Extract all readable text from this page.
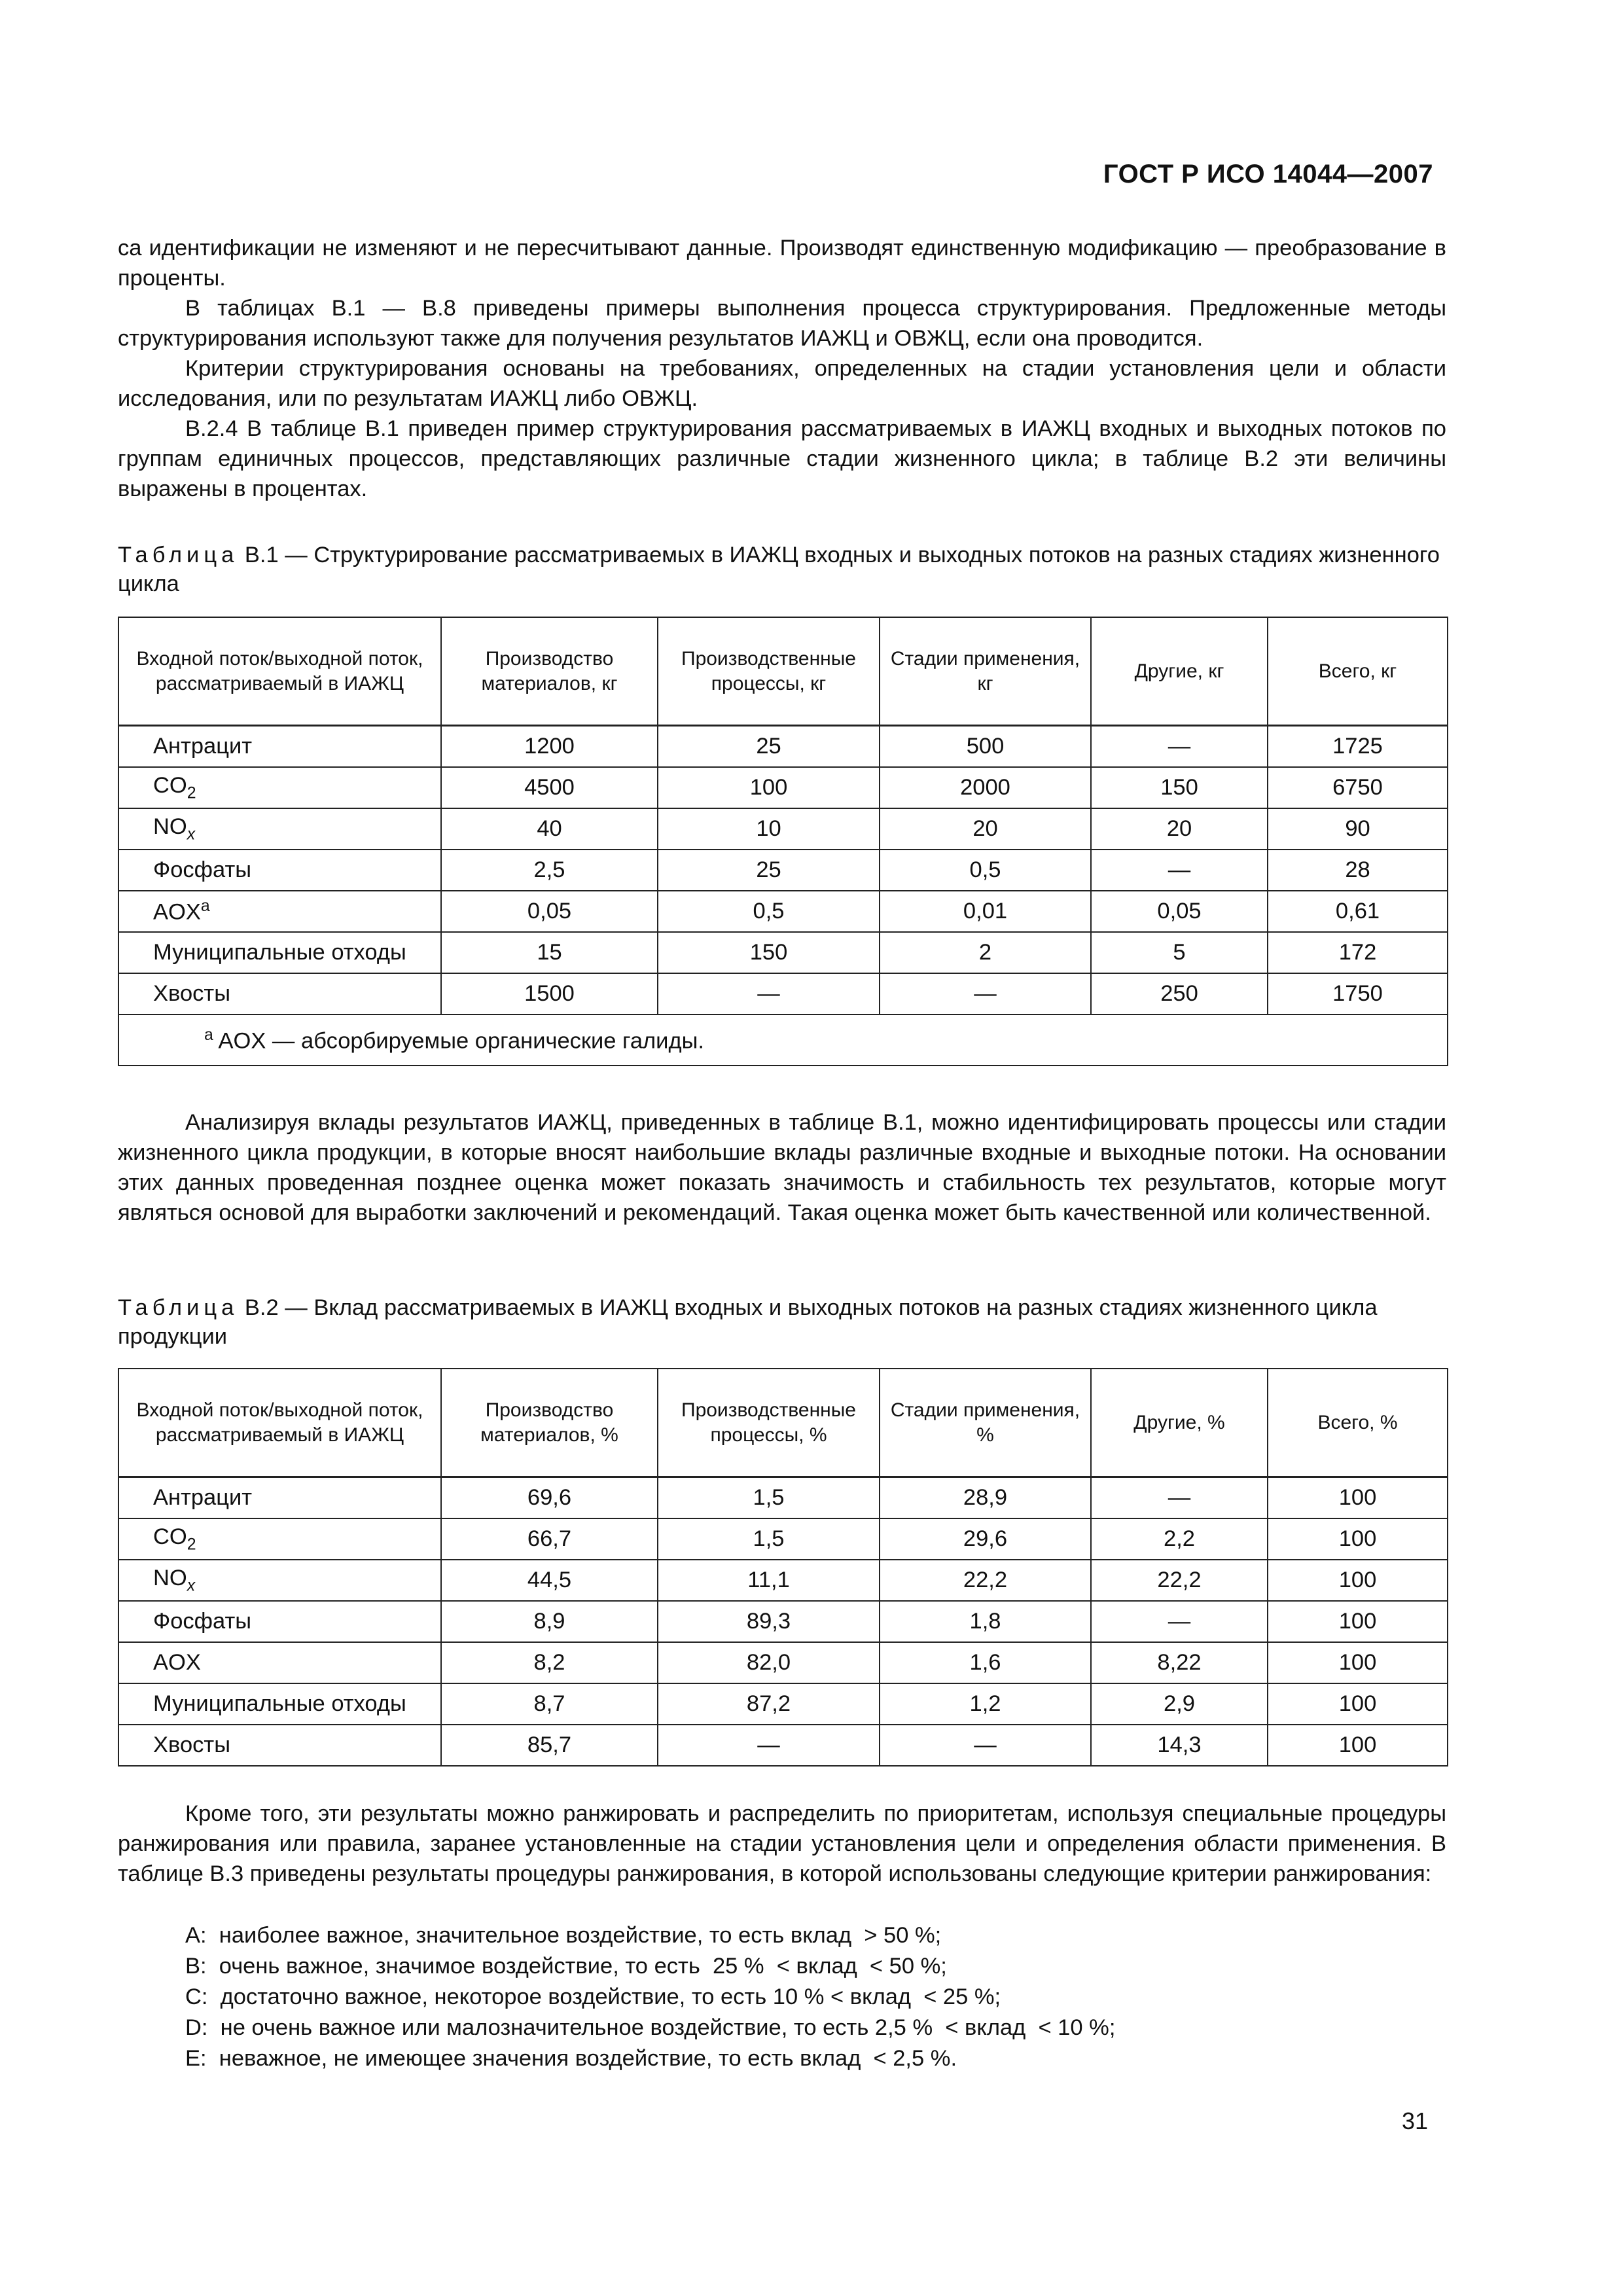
ГОСТ Р ИСО 14044—2007

са идентификации не изменяют и не пересчитывают данные. Производят единственную модификацию — преобразование в проценты.

В таблицах В.1 — В.8 приведены примеры выполнения процесса структурирования. Предложенные методы структурирования используют также для получения результатов ИАЖЦ и ОВЖЦ, если она проводится.

Критерии структурирования основаны на требованиях, определенных на стадии установления цели и области исследования, или по результатам ИАЖЦ либо ОВЖЦ.

В.2.4 В таблице В.1 приведен пример структурирования рассматриваемых в ИАЖЦ входных и выходных потоков по группам единичных процессов, представляющих различные стадии жизненного цикла; в таблице В.2 эти величины выражены в процентах.

Таблица В.1 — Структурирование рассматриваемых в ИАЖЦ входных и выходных потоков на разных стадиях жизненного цикла

Входной поток/выходной поток, рассматриваемый в ИАЖЦ	Производство материалов, кг	Производственные процессы, кг	Стадии применения, кг	Другие, кг	Всего, кг
Антрацит	1200	25	500	—	1725
$CO_2$	4500	100	2000	150	6750
$NO_x$	40	10	20	20	90
Фосфаты	2,5	25	0,5	—	28
AOX$^a$	0,05	0,5	0,01	0,05	0,61
Муниципальные отходы	15	150	2	5	172
Хвосты	1500	—	—	250	1750
$^a$ AOX — абсорбируемые органические галиды.					

Анализируя вклады результатов ИАЖЦ, приведенных в таблице В.1, можно идентифицировать процессы или стадии жизненного цикла продукции, в которые вносят наибольшие вклады различные входные и выходные потоки. На основании этих данных проведенная позднее оценка может показать значимость и стабильность тех результатов, которые могут являться основой для выработки заключений и рекомендаций. Такая оценка может быть качественной или количественной.

Таблица В.2 — Вклад рассматриваемых в ИАЖЦ входных и выходных потоков на разных стадиях жизненного цикла продукции

Входной поток/выходной поток, рассматриваемый в ИАЖЦ	Производство материалов, %	Производственные процессы, %	Стадии применения, %	Другие, %	Всего, %
Антрацит	69,6	1,5	28,9	—	100
$CO_2$	66,7	1,5	29,6	2,2	100
$NO_x$	44,5	11,1	22,2	22,2	100
Фосфаты	8,9	89,3	1,8	—	100
AOX	8,2	82,0	1,6	8,22	100
Муниципальные отходы	8,7	87,2	1,2	2,9	100
Хвосты	85,7	—	—	14,3	100

Кроме того, эти результаты можно ранжировать и распределить по приоритетам, используя специальные процедуры ранжирования или правила, заранее установленные на стадии установления цели и определения области применения. В таблице В.3 приведены результаты процедуры ранжирования, в которой использованы следующие критерии ранжирования:

A:  наиболее важное, значительное воздействие, то есть вклад  > 50 %;
B:  очень важное, значимое воздействие, то есть  25 %  < вклад  < 50 %;
C:  достаточно важное, некоторое воздействие, то есть 10 % < вклад  < 25 %;
D:  не очень важное или малозначительное воздействие, то есть 2,5 %  < вклад  < 10 %;
E:  неважное, не имеющее значения воздействие, то есть вклад  < 2,5 %.
31
